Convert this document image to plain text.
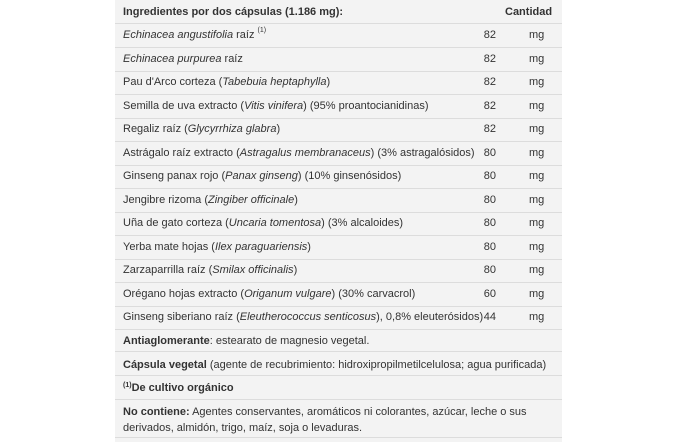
Ingredientes por dos cápsulas (1.186 mg):	Cantidad
Echinacea angustifolia raíz $^{(1)}$	82	mg
Echinacea purpurea raíz	82	mg
Pau d'Arco corteza (Tabebuia heptaphylla)	82	mg
Semilla de uva extracto (Vitis vinifera) (95% proantocianidinas)	82	mg
Regaliz raíz (Glycyrrhiza glabra)	82	mg
Astrágalo raíz extracto (Astragalus membranaceus) (3% astragalósidos) 80	mg
Ginseng panax rojo (Panax ginseng) (10% ginsenósidos)	80	mg
Jengibre rizoma (Zingiber officinale)	80	mg
Uña de gato corteza (Uncaria tomentosa) (3% alcaloides)	80	mg
Yerba mate hojas (Ilex paraguariensis)	80	mg
Zarzaparrilla raíz (Smilax officinalis)	80	mg
Orégano hojas extracto (Origanum vulgare) (30% carvacrol)	60	mg
Ginseng siberiano raíz (Eleutherococcus senticosus), 0,8% eleuterósidos) 44	mg
Antiaglomerante: estearato de magnesio vegetal.
Cápsula vegetal (agente de recubrimiento: hidroxipropilmetilcelulosa; agua purificada)
$^{(1)}$De cultivo orgánico
No contiene: Agentes conservantes, aromáticos ni colorantes, azúcar, leche o sus
derivados, almidón, trigo, maíz, soja o levaduras.
